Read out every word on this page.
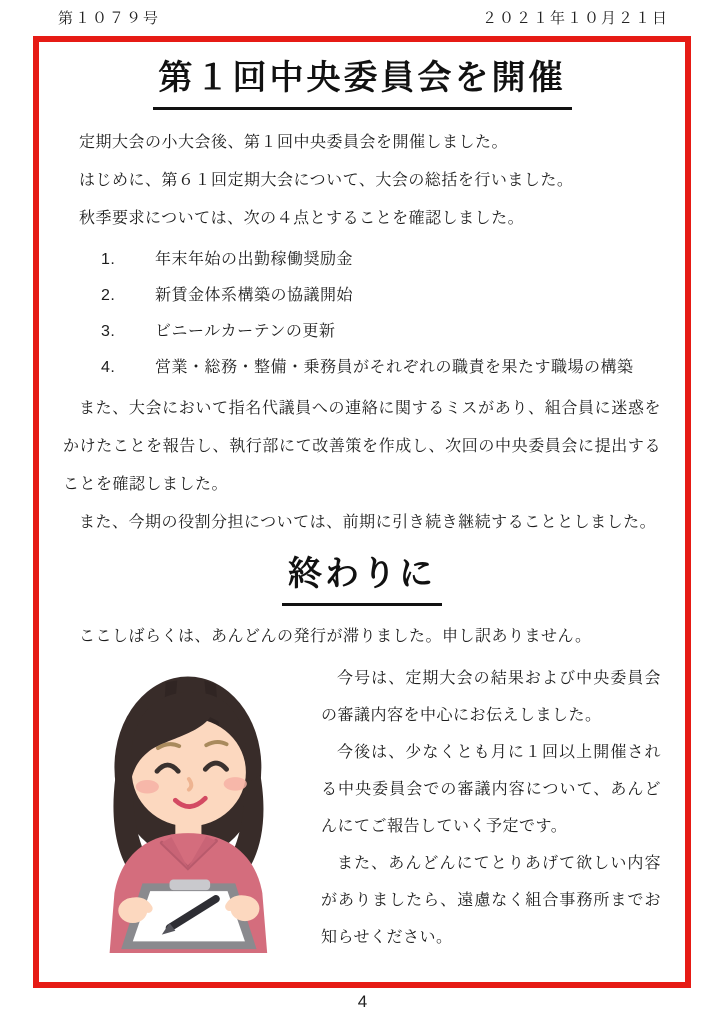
第１０７９号	２０２１年１０月２１日
第１回中央委員会を開催

定期大会の小大会後、第１回中央委員会を開催しました。

はじめに、第６１回定期大会について、大会の総括を行いました。

秋季要求については、次の４点とすることを確認しました。

1.	年末年始の出勤稼働奨励金
2.	新賃金体系構築の協議開始
3.	ビニールカーテンの更新
4.	営業・総務・整備・乗務員がそれぞれの職責を果たす職場の構築

また、大会において指名代議員への連絡に関するミスがあり、組合員に迷惑をかけたことを報告し、執行部にて改善策を作成し、次回の中央委員会に提出することを確認しました。

また、今期の役割分担については、前期に引き続き継続することとしました。

終わりに

ここしばらくは、あんどんの発行が滞りました。申し訳ありません。

今号は、定期大会の結果および中央委員会の審議内容を中心にお伝えしました。

今後は、少なくとも月に１回以上開催される中央委員会での審議内容について、あんどんにてご報告していく予定です。

また、あんどんにてとりあげて欲しい内容がありましたら、遠慮なく組合事務所までお知らせください。

4
